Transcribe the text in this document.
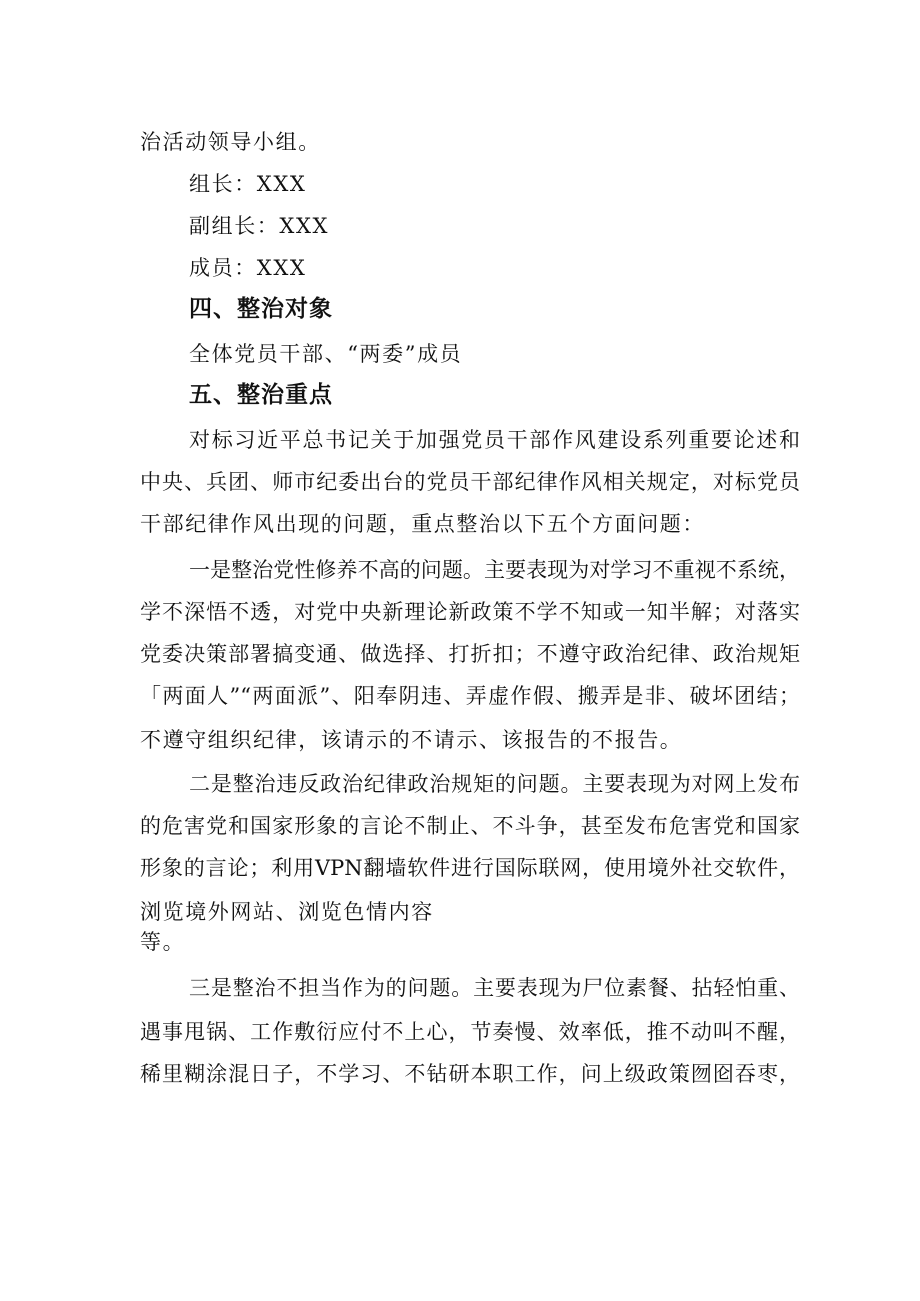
治活动领导小组。
组长：XXX
副组长：XXX
成员：XXX
四、整治对象
全体党员干部、“两委”成员
五、整治重点
对标习近平总书记关于加强党员干部作风建设系列重要论述和
中央、兵团、师市纪委出台的党员干部纪律作风相关规定，对标党员
干部纪律作风出现的问题，重点整治以下五个方面问题：
一是整治党性修养不高的问题。主要表现为对学习不重视不系统，
学不深悟不透，对党中央新理论新政策不学不知或一知半解；对落实
党委决策部署搞变通、做选择、打折扣；不遵守政治纪律、政治规矩
「两面人”“两面派”、阳奉阴违、弄虚作假、搬弄是非、破坏团结；
不遵守组织纪律，该请示的不请示、该报告的不报告。
二是整治违反政治纪律政治规矩的问题。主要表现为对网上发布
的危害党和国家形象的言论不制止、不斗争，甚至发布危害党和国家
形象的言论；利用VPN翻墙软件进行国际联网，使用境外社交软件，
浏览境外网站、浏览色情内容
等。
三是整治不担当作为的问题。主要表现为尸位素餐、拈轻怕重、
遇事甩锅、工作敷衍应付不上心，节奏慢、效率低，推不动叫不醒，
稀里糊涂混日子，不学习、不钻研本职工作，问上级政策囫囵吞枣，
